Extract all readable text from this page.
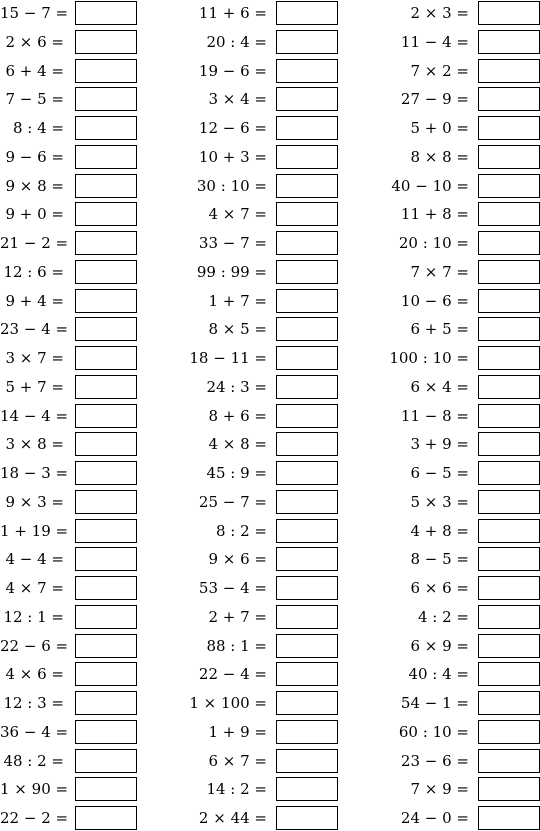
15 − 7 =
2 × 6 =
6 + 4 =
7 − 5 =
8 : 4 =
9 − 6 =
9 × 8 =
9 + 0 =
21 − 2 =
12 : 6 =
9 + 4 =
23 − 4 =
3 × 7 =
5 + 7 =
14 − 4 =
3 × 8 =
18 − 3 =
9 × 3 =
1 + 19 =
4 − 4 =
4 × 7 =
12 : 1 =
22 − 6 =
4 × 6 =
12 : 3 =
36 − 4 =
48 : 2 =
1 × 90 =
22 − 2 =
11 + 6 =
20 : 4 =
19 − 6 =
3 × 4 =
12 − 6 =
10 + 3 =
30 : 10 =
4 × 7 =
33 − 7 =
99 : 99 =
1 + 7 =
8 × 5 =
18 − 11 =
24 : 3 =
8 + 6 =
4 × 8 =
45 : 9 =
25 − 7 =
8 : 2 =
9 × 6 =
53 − 4 =
2 + 7 =
88 : 1 =
22 − 4 =
1 × 100 =
1 + 9 =
6 × 7 =
14 : 2 =
2 × 44 =
2 × 3 =
11 − 4 =
7 × 2 =
27 − 9 =
5 + 0 =
8 × 8 =
40 − 10 =
11 + 8 =
20 : 10 =
7 × 7 =
10 − 6 =
6 + 5 =
100 : 10 =
6 × 4 =
11 − 8 =
3 + 9 =
6 − 5 =
5 × 3 =
4 + 8 =
8 − 5 =
6 × 6 =
4 : 2 =
6 × 9 =
40 : 4 =
54 − 1 =
60 : 10 =
23 − 6 =
7 × 9 =
24 − 0 =
